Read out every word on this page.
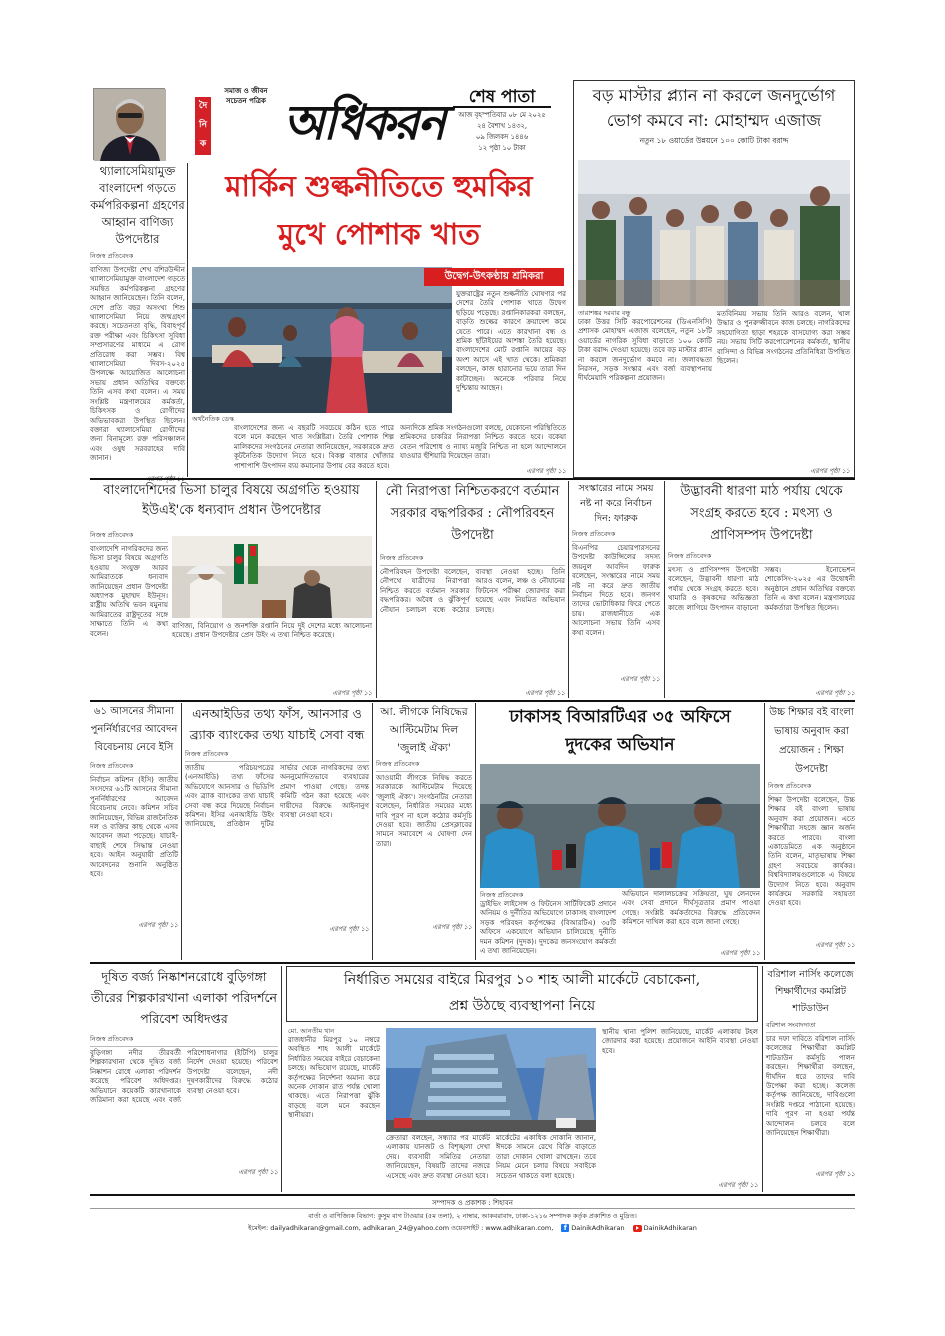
দৈ
নি
ক
সমাজ ও জীবন
সচেতন পত্রিক অধিকরন	শেষ পাতা
আজ বৃহস্পতিবার ০৮ মে ২০২৫
২৪ বৈশাখ ১৪৩২,
০৯ জিলকদ ১৪৪৬
১২ পৃষ্ঠা ১০ টাকা
থ্যালাসেমিয়ামুক্ত বাংলাদেশ গড়তে কর্মপরিকল্পনা গ্রহণের আহ্বান বাণিজ্য উপদেষ্টার
নিজস্ব প্রতিবেদক
বাণিজ্য উপদেষ্টা শেখ বশিরউদ্দীন থ্যালাসেমিয়ামুক্ত বাংলাদেশ গড়তে সমন্বিত কর্মপরিকল্পনা গ্রহণের আহ্বান জানিয়েছেন। তিনি বলেন, দেশে প্রতি বছর অসংখ্য শিশু থ্যালাসেমিয়া নিয়ে জন্মগ্রহণ করছে। সচেতনতা বৃদ্ধি, বিবাহপূর্ব রক্ত পরীক্ষা এবং চিকিৎসা সুবিধা সম্প্রসারণের মাধ্যমে এ রোগ প্রতিরোধ করা সম্ভব। বিশ্ব থ্যালাসেমিয়া দিবস-২০২৫ উপলক্ষে আয়োজিত আলোচনা সভায় প্রধান অতিথির বক্তব্যে তিনি এসব কথা বলেন। এ সময় সংশ্লিষ্ট মন্ত্রণালয়ের কর্মকর্তা, চিকিৎসক ও রোগীদের অভিভাবকরা উপস্থিত ছিলেন। বক্তারা থ্যালাসেমিয়া রোগীদের জন্য বিনামূল্যে রক্ত পরিসঞ্চালন এবং ওষুধ সরবরাহের দাবি জানান।
মার্কিন শুল্কনীতিতে হুমকির
মুখে পোশাক খাত
উদ্বেগ-উৎকণ্ঠায় শ্রমিকরা
যুক্তরাষ্ট্রের নতুন শুল্কনীতি ঘোষণার পর দেশের তৈরি পোশাক খাতে উদ্বেগ ছড়িয়ে পড়েছে। রপ্তানিকারকরা বলছেন, বাড়তি শুল্কের কারণে ক্রয়াদেশ কমে যেতে পারে। এতে কারখানা বন্ধ ও শ্রমিক ছাঁটাইয়ের আশঙ্কা তৈরি হয়েছে। বাংলাদেশের মোট রপ্তানি আয়ের বড় অংশ আসে এই খাত থেকে। শ্রমিকরা বলছেন, কাজ হারানোর ভয়ে তারা দিন কাটাচ্ছেন। অনেকে পরিবার নিয়ে দুশ্চিন্তায় আছেন।
অর্থনৈতিক ডেস্ক
বাংলাদেশের জন্য এ বছরটি সবচেয়ে কঠিন হতে পারে বলে মনে করছেন খাত সংশ্লিষ্টরা। তৈরি পোশাক শিল্প মালিকদের সংগঠনের নেতারা জানিয়েছেন, সরকারকে দ্রুত কূটনৈতিক উদ্যোগ নিতে হবে। বিকল্প বাজার খোঁজার পাশাপাশি উৎপাদন ব্যয় কমানোর উপায় বের করতে হবে।
অন্যদিকে শ্রমিক সংগঠনগুলো বলছে, যেকোনো পরিস্থিতিতে শ্রমিকদের চাকরির নিরাপত্তা নিশ্চিত করতে হবে। বকেয়া বেতন পরিশোধ ও ন্যায্য মজুরি নিশ্চিত না হলে আন্দোলনে যাওয়ার হুঁশিয়ারি দিয়েছেন তারা।
এরপর পৃষ্ঠা ১১
বড় মাস্টার প্ল্যান না করলে জনদুর্ভোগ ভোগ কমবে না: মোহাম্মদ এজাজ
নতুন ১৮ ওয়ার্ডের উন্নয়নে ১০০ কোটি টাকা বরাদ্দ
তারাশঙ্কর দরবার বন্ধু
ঢাকা উত্তর সিটি করপোরেশনের (ডিএনসিসি) প্রশাসক মোহাম্মদ এজাজ বলেছেন, নতুন ১৮টি ওয়ার্ডের নাগরিক সুবিধা বাড়াতে ১০০ কোটি টাকা বরাদ্দ দেওয়া হয়েছে। তবে বড় মাস্টার প্ল্যান না করলে জনদুর্ভোগ কমবে না। জলাবদ্ধতা নিরসন, সড়ক সংস্কার এবং বর্জ্য ব্যবস্থাপনায় দীর্ঘমেয়াদি পরিকল্পনা প্রয়োজন।
মতবিনিময় সভায় তিনি আরও বলেন, খাল উদ্ধার ও পুনরুজ্জীবনে কাজ চলছে। নাগরিকদের সহযোগিতা ছাড়া শহরকে বাসযোগ্য করা সম্ভব নয়। সভায় সিটি করপোরেশনের কর্মকর্তা, স্থানীয় বাসিন্দা ও বিভিন্ন সংগঠনের প্রতিনিধিরা উপস্থিত ছিলেন।
এরপর পৃষ্ঠা ১১
বাংলাদেশিদের ভিসা চালুর বিষয়ে অগ্রগতি হওয়ায় ইউএই'কে ধন্যবাদ প্রধান উপদেষ্টার
নিজস্ব প্রতিবেদক
বাংলাদেশি নাগরিকদের জন্য ভিসা চালুর বিষয়ে অগ্রগতি হওয়ায় সংযুক্ত আরব আমিরাতকে ধন্যবাদ জানিয়েছেন প্রধান উপদেষ্টা অধ্যাপক মুহাম্মদ ইউনূস। রাষ্ট্রীয় অতিথি ভবন যমুনায় আমিরাতের রাষ্ট্রদূতের সঙ্গে সাক্ষাতে তিনি এ কথা বলেন।
বাণিজ্য, বিনিয়োগ ও জনশক্তি রপ্তানি নিয়ে দুই দেশের মধ্যে আলোচনা হয়েছে। প্রধান উপদেষ্টার প্রেস উইং এ তথ্য নিশ্চিত করেছে।
এরপর পৃষ্ঠা ১১
নৌ নিরাপত্তা নিশ্চিতকরণে বর্তমান সরকার বদ্ধপরিকর : নৌপরিবহন উপদেষ্টা
নিজস্ব প্রতিবেদক
নৌপরিবহন উপদেষ্টা বলেছেন, নৌপথে যাত্রীদের নিরাপত্তা নিশ্চিত করতে বর্তমান সরকার বদ্ধপরিকর। অবৈধ ও ঝুঁকিপূর্ণ নৌযান চলাচল বন্ধে কঠোর ব্যবস্থা নেওয়া হচ্ছে। তিনি আরও বলেন, লঞ্চ ও নৌযানের ফিটনেস পরীক্ষা জোরদার করা হয়েছে এবং নিয়মিত অভিযান চলছে।
এরপর পৃষ্ঠা ১১
সংস্কারের নামে সময় নষ্ট না করে নির্বাচন দিন: ফারুক
নিজস্ব প্রতিবেদক
বিএনপির চেয়ারপারসনের উপদেষ্টা কাউন্সিলের সদস্য জয়নুল আবদিন ফারুক বলেছেন, সংস্কারের নামে সময় নষ্ট না করে দ্রুত জাতীয় নির্বাচন দিতে হবে। জনগণ তাদের ভোটাধিকার ফিরে পেতে চায়। রাজধানীতে এক আলোচনা সভায় তিনি এসব কথা বলেন।
এরপর পৃষ্ঠা ১১
উদ্ভাবনী ধারণা মাঠ পর্যায় থেকে সংগ্রহ করতে হবে : মৎস্য ও প্রাণিসম্পদ উপদেষ্টা
নিজস্ব প্রতিবেদক
মৎস্য ও প্রাণিসম্পদ উপদেষ্টা বলেছেন, উদ্ভাবনী ধারণা মাঠ পর্যায় থেকে সংগ্রহ করতে হবে। খামারি ও কৃষকদের অভিজ্ঞতা কাজে লাগিয়ে উৎপাদন বাড়ানো সম্ভব। ইনোভেশন শোকেসিং-২০২৫ এর উদ্বোধনী অনুষ্ঠানে প্রধান অতিথির বক্তব্যে তিনি এ কথা বলেন। মন্ত্রণালয়ের কর্মকর্তারা উপস্থিত ছিলেন।
এরপর পৃষ্ঠা ১১
৬১ আসনের সীমানা পুনর্নির্ধারণের আবেদন বিবেচনায় নেবে ইসি
নিজস্ব প্রতিবেদক
নির্বাচন কমিশন (ইসি) জাতীয় সংসদের ৬১টি আসনের সীমানা পুনর্নির্ধারণের আবেদন বিবেচনায় নেবে। কমিশন সচিব জানিয়েছেন, বিভিন্ন রাজনৈতিক দল ও ব্যক্তির কাছ থেকে এসব আবেদন জমা পড়েছে। যাচাই-বাছাই শেষে সিদ্ধান্ত নেওয়া হবে। আইন অনুযায়ী প্রতিটি আবেদনের শুনানি অনুষ্ঠিত হবে।
এরপর পৃষ্ঠা ১১
এনআইডির তথ্য ফাঁস, আনসার ও ব্র্যাক ব্যাংকের তথ্য যাচাই সেবা বন্ধ
নিজস্ব প্রতিবেদক
জাতীয় পরিচয়পত্রের (এনআইডি) তথ্য ফাঁসের অভিযোগে আনসার ও ভিডিপি এবং ব্র্যাক ব্যাংকের তথ্য যাচাই সেবা বন্ধ করে দিয়েছে নির্বাচন কমিশন। ইসির এনআইডি উইং জানিয়েছে, প্রতিষ্ঠান দুটির সার্ভার থেকে নাগরিকদের তথ্য অননুমোদিতভাবে ব্যবহারের প্রমাণ পাওয়া গেছে। তদন্ত কমিটি গঠন করা হয়েছে এবং দায়ীদের বিরুদ্ধে আইনানুগ ব্যবস্থা নেওয়া হবে।
এরপর পৃষ্ঠা ১১
আ. লীগকে নিষিদ্ধের আল্টিমেটাম দিল 'জুলাই ঐক্য'
নিজস্ব প্রতিবেদক
আওয়ামী লীগকে নিষিদ্ধ করতে সরকারকে আল্টিমেটাম দিয়েছে 'জুলাই ঐক্য'। সংগঠনটির নেতারা বলেছেন, নির্ধারিত সময়ের মধ্যে দাবি পূরণ না হলে কঠোর কর্মসূচি দেওয়া হবে। জাতীয় প্রেসক্লাবের সামনে সমাবেশে এ ঘোষণা দেন তারা।
এরপর পৃষ্ঠা ১১
ঢাকাসহ বিআরটিএর ৩৫ অফিসে
দুদকের অভিযান
নিজস্ব প্রতিবেদক
ড্রাইভিং লাইসেন্স ও ফিটনেস সার্টিফিকেট প্রদানে অনিয়ম ও দুর্নীতির অভিযোগে ঢাকাসহ বাংলাদেশ সড়ক পরিবহন কর্তৃপক্ষের (বিআরটিএ) ৩৫টি অফিসে একযোগে অভিযান চালিয়েছে দুর্নীতি দমন কমিশন (দুদক)। দুদকের জনসংযোগ কর্মকর্তা এ তথ্য জানিয়েছেন।
অভিযানে দালালচক্রের সক্রিয়তা, ঘুষ লেনদেন এবং সেবা প্রদানে দীর্ঘসূত্রতার প্রমাণ পাওয়া গেছে। সংশ্লিষ্ট কর্মকর্তাদের বিরুদ্ধে প্রতিবেদন কমিশনে দাখিল করা হবে বলে জানা গেছে।
এরপর পৃষ্ঠা ১১
উচ্চ শিক্ষার বই বাংলা ভাষায় অনুবাদ করা প্রয়োজন : শিক্ষা উপদেষ্টা
নিজস্ব প্রতিবেদক
শিক্ষা উপদেষ্টা বলেছেন, উচ্চ শিক্ষার বই বাংলা ভাষায় অনুবাদ করা প্রয়োজন। এতে শিক্ষার্থীরা সহজে জ্ঞান অর্জন করতে পারবে। বাংলা একাডেমিতে এক অনুষ্ঠানে তিনি বলেন, মাতৃভাষায় শিক্ষা গ্রহণ সবচেয়ে কার্যকর। বিশ্ববিদ্যালয়গুলোকে এ বিষয়ে উদ্যোগ নিতে হবে। অনুবাদ কার্যক্রমে সরকারি সহায়তা দেওয়া হবে।
এরপর পৃষ্ঠা ১১
দূষিত বর্জ্য নিষ্কাশনরোধে বুড়িগঙ্গা তীরের শিল্পকারখানা এলাকা পরিদর্শনে পরিবেশ অধিদপ্তর
নিজস্ব প্রতিবেদক
বুড়িগঙ্গা নদীর তীরবর্তী শিল্পকারখানা থেকে দূষিত বর্জ্য নিষ্কাশন রোধে এলাকা পরিদর্শন করেছে পরিবেশ অধিদপ্তর। অভিযানে কয়েকটি কারখানাকে জরিমানা করা হয়েছে এবং বর্জ্য পরিশোধনাগার (ইটিপি) চালুর নির্দেশ দেওয়া হয়েছে। পরিবেশ উপদেষ্টা বলেছেন, নদী দূষণকারীদের বিরুদ্ধে কঠোর ব্যবস্থা নেওয়া হবে।
এরপর পৃষ্ঠা ১১
নির্ধারিত সময়ের বাইরে মিরপুর ১০ শাহ আলী মার্কেটে বেচাকেনা,
প্রশ্ন উঠছে ব্যবস্থাপনা নিয়ে
মো. আনতীম খান
রাজধানীর মিরপুর ১০ নম্বরে অবস্থিত শাহ আলী মার্কেটে নির্ধারিত সময়ের বাইরে বেচাকেনা চলছে। অভিযোগ রয়েছে, মার্কেট কর্তৃপক্ষের নির্দেশনা অমান্য করে অনেক দোকান রাত পর্যন্ত খোলা থাকছে। এতে নিরাপত্তা ঝুঁকি বাড়ছে বলে মনে করছেন স্থানীয়রা।
ক্রেতারা বলছেন, সন্ধ্যার পর মার্কেট এলাকায় যানজট ও বিশৃঙ্খলা দেখা দেয়। ব্যবসায়ী সমিতির নেতারা জানিয়েছেন, বিষয়টি তাদের নজরে এসেছে এবং দ্রুত ব্যবস্থা নেওয়া হবে।
মার্কেটের একাধিক দোকানি জানান, ঈদকে সামনে রেখে বিক্রি বাড়াতে তারা দোকান খোলা রাখছেন। তবে নিয়ম মেনে চলার বিষয়ে সবাইকে সচেতন থাকতে বলা হয়েছে।
স্থানীয় থানা পুলিশ জানিয়েছে, মার্কেট এলাকায় টহল জোরদার করা হয়েছে। প্রয়োজনে আইনি ব্যবস্থা নেওয়া হবে।
এরপর পৃষ্ঠা ১১
বরিশাল নার্সিং কলেজে শিক্ষার্থীদের কমপ্লিট শাটডাউন
বরিশাল সংবাদদাতা
চার দফা দাবিতে বরিশাল নার্সিং কলেজের শিক্ষার্থীরা কমপ্লিট শাটডাউন কর্মসূচি পালন করছেন। শিক্ষার্থীরা বলছেন, দীর্ঘদিন ধরে তাদের দাবি উপেক্ষা করা হচ্ছে। কলেজ কর্তৃপক্ষ জানিয়েছে, দাবিগুলো সংশ্লিষ্ট দপ্তরে পাঠানো হয়েছে। দাবি পূরণ না হওয়া পর্যন্ত আন্দোলন চলবে বলে জানিয়েছেন শিক্ষার্থীরা।
এরপর পৃষ্ঠা ১১
সম্পাদক ও প্রকাশক : শিহাবন
বার্তা ও বাণিজ্যিক বিভাগ: কুসুম বাগ টাওয়ার (৫ম তলা), ২ নাম্বার, আকবরাবাদ, ঢাকা-১২১৬ সম্পাদক কর্তৃক প্রকাশিত ও মুদ্রিত।
ইমেইল: dailyadhikaran@gmail.com, adhikaran_24@yahoo.com ওয়েবসাইট : www.adhikaran.com,	f DainikAdhikaran	DainikAdhikaran
